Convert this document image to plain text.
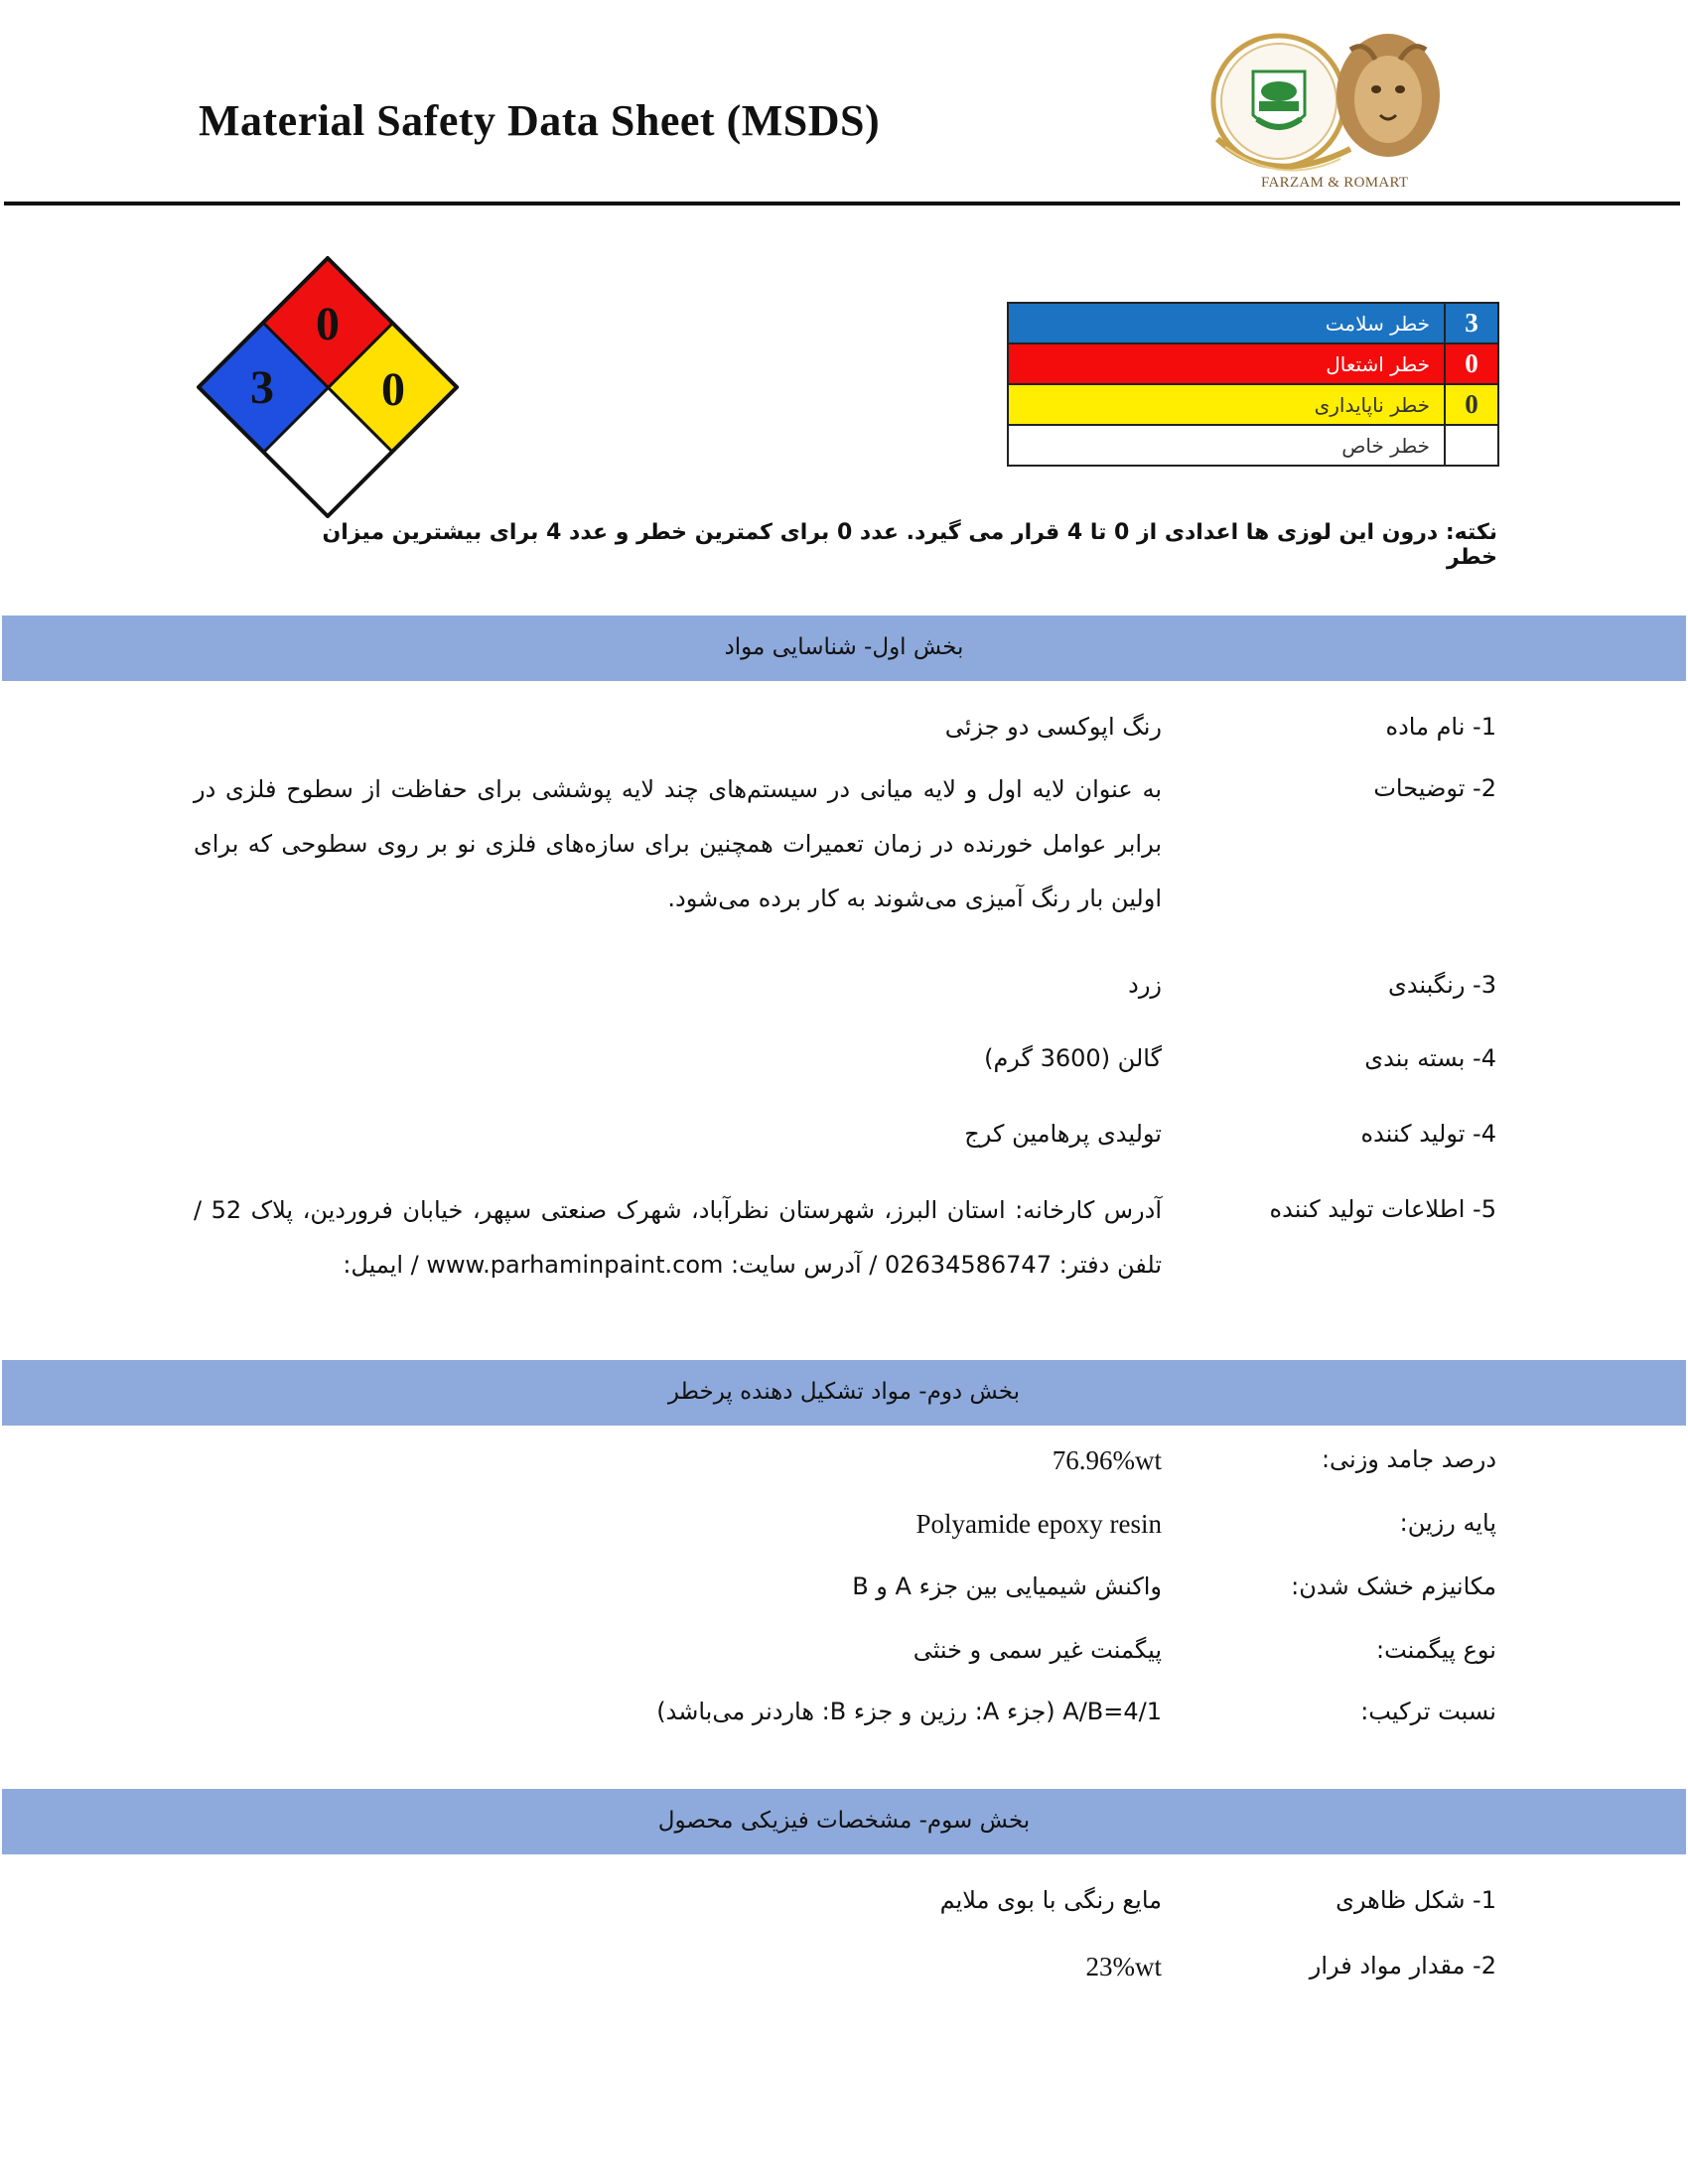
Material Safety Data Sheet (MSDS)
FARZAM & ROMART
0
3 0
3	خطر سلامت
0	خطر اشتعال
0	خطر ناپایداری
	خطر خاص
نکته: درون این لوزی ها اعدادی از 0 تا 4 قرار می گیرد. عدد 0 برای کمترین خطر و عدد 4 برای بیشترین میزان خطر
بخش اول- شناسایی مواد
1- نام ماده
رنگ اپوکسی دو جزئی
2- توضیحات
به عنوان لایه اول و لایه میانی در سیستم‌های چند لایه پوششی برای حفاظت از سطوح فلزی در برابر عوامل خورنده در زمان تعمیرات همچنین برای سازه‌های فلزی نو بر روی سطوحی که برای اولین بار رنگ آمیزی می‌شوند به کار برده می‌شود.
3- رنگبندی
زرد
4- بسته بندی
گالن (3600 گرم)
4- تولید کننده
تولیدی پرهامین کرج
5- اطلاعات تولید کننده
آدرس کارخانه: استان البرز، شهرستان نظرآباد، شهرک صنعتی سپهر، خیابان فروردین، پلاک 52 / تلفن دفتر: 02634586747 / آدرس سایت: www.parhaminpaint.com / ایمیل:
بخش دوم- مواد تشکیل دهنده پرخطر
درصد جامد وزنی:
76.96%wt
پایه رزین:
Polyamide epoxy resin
مکانیزم خشک شدن:
واکنش شیمیایی بین جزء A و B
نوع پیگمنت:
پیگمنت غیر سمی و خنثی
نسبت ترکیب:
A/B=4/1 (جزء A: رزین و جزء B: هاردنر می‌باشد)
بخش سوم- مشخصات فیزیکی محصول
1- شکل ظاهری
مایع رنگی با بوی ملایم
2- مقدار مواد فرار
23%wt
